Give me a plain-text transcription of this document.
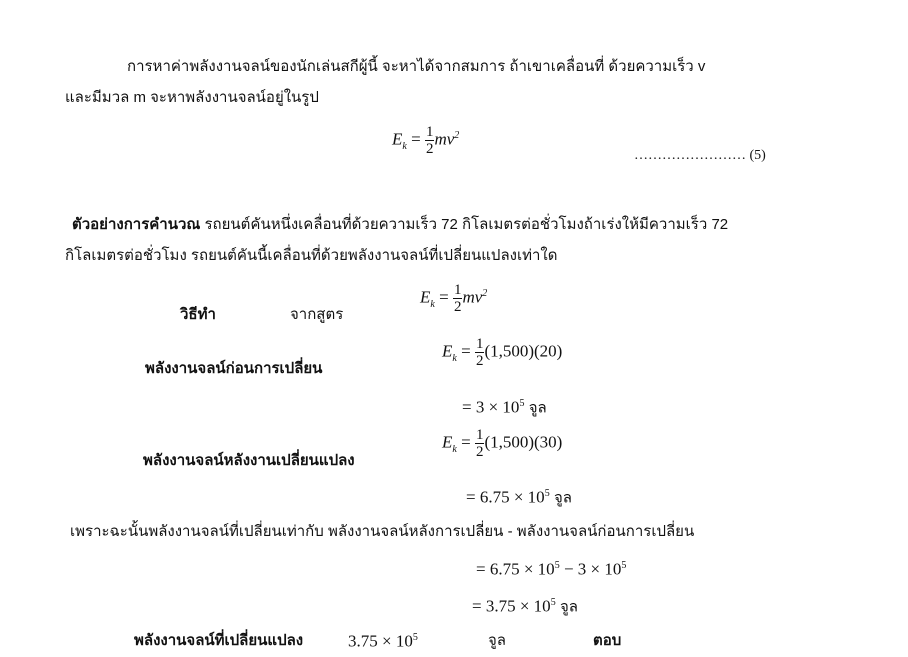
การหาค่าพลังงานจลน์ของนักเล่นสกีผู้นี้ จะหาได้จากสมการ ถ้าเขาเคลื่อนที่ ด้วยความเร็ว v
และมีมวล m จะหาพลังงานจลน์อยู่ในรูป
$E_k = \frac{1}{2} mv^2$
…………………… (5)
ตัวอย่างการคำนวณ รถยนต์คันหนึ่งเคลื่อนที่ด้วยความเร็ว 72 กิโลเมตรต่อชั่วโมงถ้าเร่งให้มีความเร็ว 72
กิโลเมตรต่อชั่วโมง รถยนต์คันนี้เคลื่อนที่ด้วยพลังงานจลน์ที่เปลี่ยนแปลงเท่าใด
วิธีทำ	จากสูตร
$E_k = \frac{1}{2} mv^2$
พลังงานจลน์ก่อนการเปลี่ยน
$E_k = \frac{1}{2} (1,500)(20)$
= $3 \times 10^5$ จูล
พลังงานจลน์หลังงานเปลี่ยนแปลง
$E_k = \frac{1}{2} (1,500)(30)$
= $6.75 \times 10^5$ จูล
เพราะฉะนั้นพลังงานจลน์ที่เปลี่ยนเท่ากับ พลังงานจลน์หลังการเปลี่ยน - พลังงานจลน์ก่อนการเปลี่ยน
= $6.75 \times 10^5 - 3 \times 10^5$
= $3.75 \times 10^5$ จูล
พลังงานจลน์ที่เปลี่ยนแปลง	$3.75 \times 10^5$	จูล	ตอบ
